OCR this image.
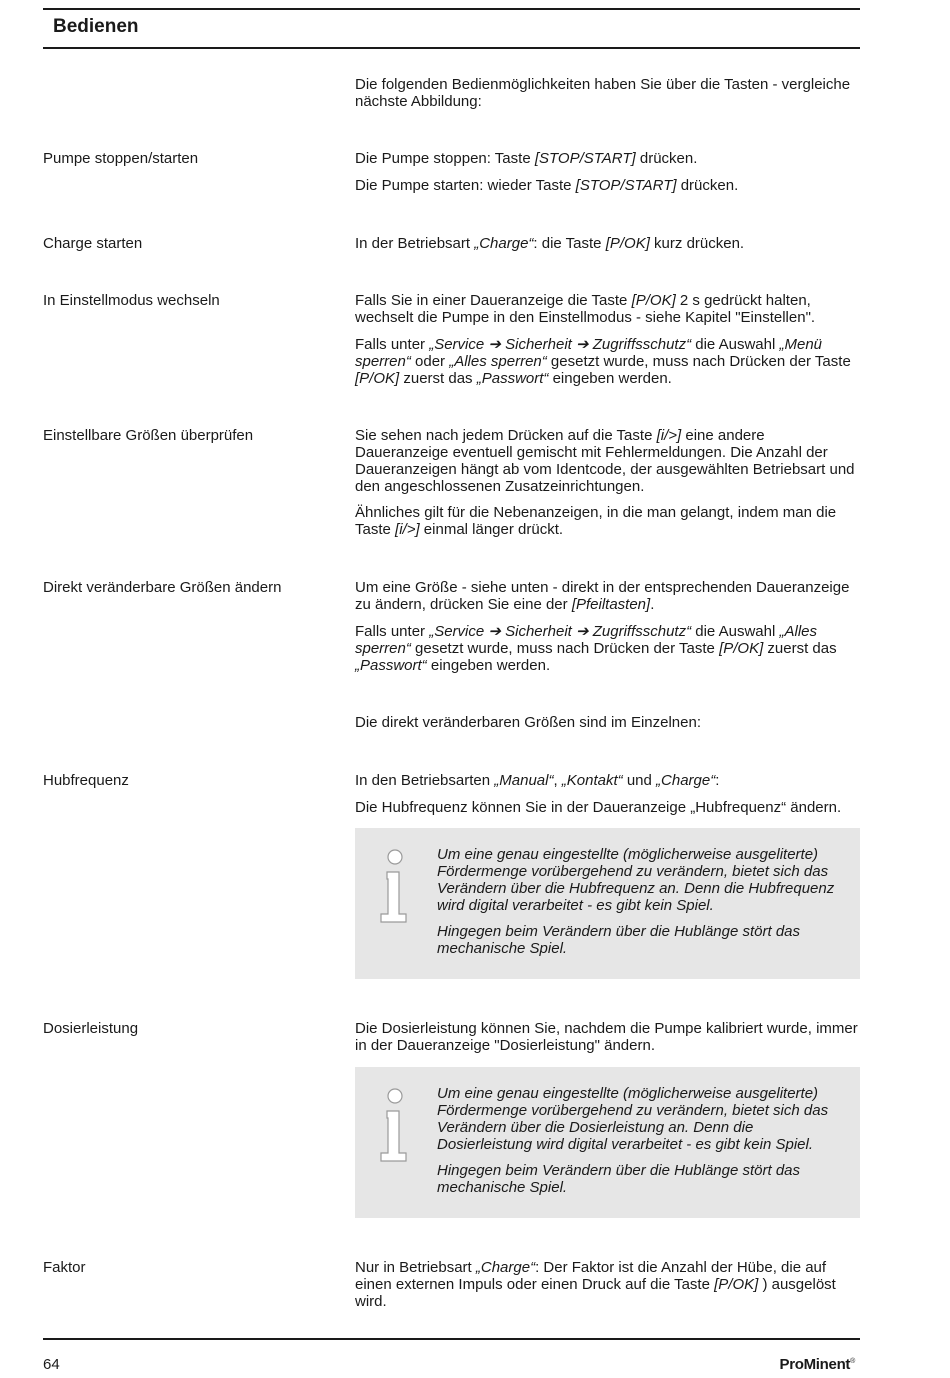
Bedienen

Die folgenden Bedienmöglichkeiten haben Sie über die Tasten - vergleiche nächste Abbildung:

Pumpe stoppen/starten	Die Pumpe stoppen: Taste [STOP/START] drücken.

Die Pumpe starten: wieder Taste [STOP/START] drücken.

Charge starten	In der Betriebsart „Charge“: die Taste [P/OK] kurz drücken.

In Einstellmodus wechseln	Falls Sie in einer Daueranzeige die Taste [P/OK] 2 s gedrückt halten, wechselt die Pumpe in den Einstellmodus - siehe Kapitel "Einstellen".

Falls unter „Service ➔ Sicherheit ➔ Zugriffsschutz“ die Auswahl „Menü sperren“ oder „Alles sperren“ gesetzt wurde, muss nach Drücken der Taste [P/OK] zuerst das „Passwort“ eingeben werden.

Einstellbare Größen überprüfen	Sie sehen nach jedem Drücken auf die Taste [i/>] eine andere Daueranzeige eventuell gemischt mit Fehlermeldungen. Die Anzahl der Daueranzeigen hängt ab vom Identcode, der ausgewählten Betriebsart und den angeschlossenen Zusatzeinrichtungen.

Ähnliches gilt für die Nebenanzeigen, in die man gelangt, indem man die Taste [i/>] einmal länger drückt.

Direkt veränderbare Größen ändern	Um eine Größe - siehe unten - direkt in der entsprechenden Daueranzeige zu ändern, drücken Sie eine der [Pfeiltasten].

Falls unter „Service ➔ Sicherheit ➔ Zugriffsschutz“ die Auswahl „Alles sperren“ gesetzt wurde, muss nach Drücken der Taste [P/OK] zuerst das „Passwort“ eingeben werden.

Die direkt veränderbaren Größen sind im Einzelnen:

Hubfrequenz	In den Betriebsarten „Manual“, „Kontakt“ und „Charge“:

Die Hubfrequenz können Sie in der Daueranzeige „Hubfrequenz“ ändern.

Um eine genau eingestellte (möglicherweise ausgeliterte) Fördermenge vorübergehend zu verändern, bietet sich das Verändern über die Hubfrequenz an. Denn die Hubfrequenz wird digital verarbeitet - es gibt kein Spiel.

Hingegen beim Verändern über die Hublänge stört das mechanische Spiel.

Dosierleistung	Die Dosierleistung können Sie, nachdem die Pumpe kalibriert wurde, immer in der Daueranzeige "Dosierleistung" ändern.

Um eine genau eingestellte (möglicherweise ausgeliterte) Fördermenge vorübergehend zu verändern, bietet sich das Verändern über die Dosierleistung an. Denn die Dosierleistung wird digital verarbeitet - es gibt kein Spiel.

Hingegen beim Verändern über die Hublänge stört das mechanische Spiel.

Faktor	Nur in Betriebsart „Charge“: Der Faktor ist die Anzahl der Hübe, die auf einen externen Impuls oder einen Druck auf die Taste [P/OK] ) ausgelöst wird.

64	ProMinent®
